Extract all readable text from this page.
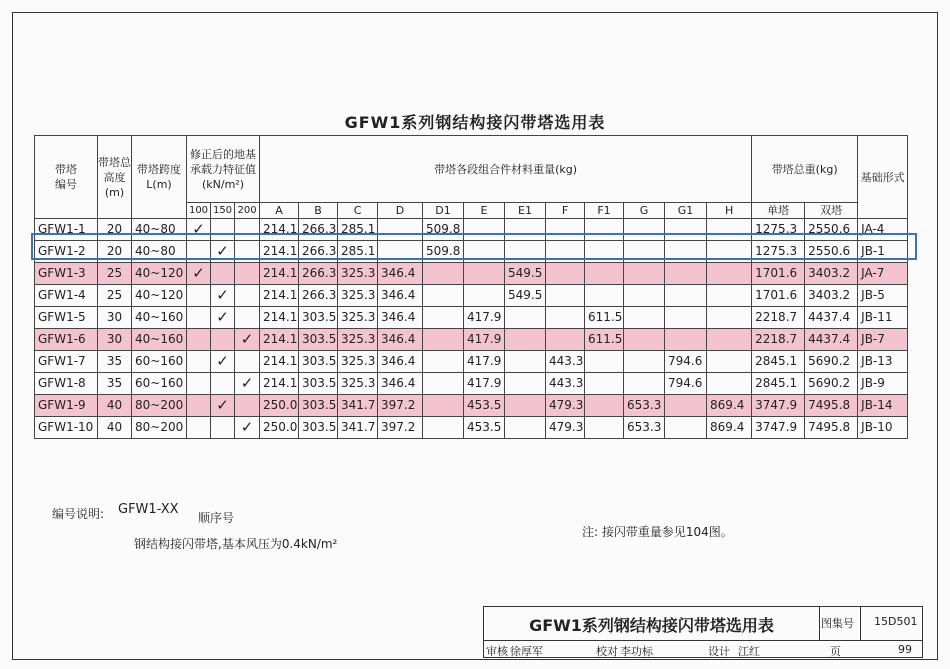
GFW1系列钢结构接闪带塔选用表
带塔
编号	带塔总高度(m)	带塔跨度L(m)	修正后的地基承载力特征值(kN/m²)			带塔各段组合件材料重量(kg)												带塔总重(kg)		基础形式
			100	150	200	A	B	C	D	D1	E	E1	F	F1	G	G1	H	单塔	双塔	
GFW1-1	20	40~80	✓			214.1	266.3	285.1		509.8								1275.3	2550.6	JA-4
GFW1-2	20	40~80		✓		214.1	266.3	285.1		509.8								1275.3	2550.6	JB-1
GFW1-3	25	40~120	✓			214.1	266.3	325.3	346.4			549.5						1701.6	3403.2	JA-7
GFW1-4	25	40~120		✓		214.1	266.3	325.3	346.4			549.5						1701.6	3403.2	JB-5
GFW1-5	30	40~160		✓		214.1	303.5	325.3	346.4		417.9			611.5				2218.7	4437.4	JB-11
GFW1-6	30	40~160			✓	214.1	303.5	325.3	346.4		417.9			611.5				2218.7	4437.4	JB-7
GFW1-7	35	60~160		✓		214.1	303.5	325.3	346.4		417.9		443.3			794.6		2845.1	5690.2	JB-13
GFW1-8	35	60~160			✓	214.1	303.5	325.3	346.4		417.9		443.3			794.6		2845.1	5690.2	JB-9
GFW1-9	40	80~200		✓		250.0	303.5	341.7	397.2		453.5		479.3		653.3		869.4	3747.9	7495.8	JB-14
GFW1-10	40	80~200			✓	250.0	303.5	341.7	397.2		453.5		479.3		653.3		869.4	3747.9	7495.8	JB-10
编号说明: GFW1-XX
顺序号
钢结构接闪带塔,基本风压为0.4kN/m²
注: 接闪带重量参见104图。
GFW1系列钢结构接闪带塔选用表	图集号 15D501
审核 徐厚军	校对 李功标	设计 江红	页	99
